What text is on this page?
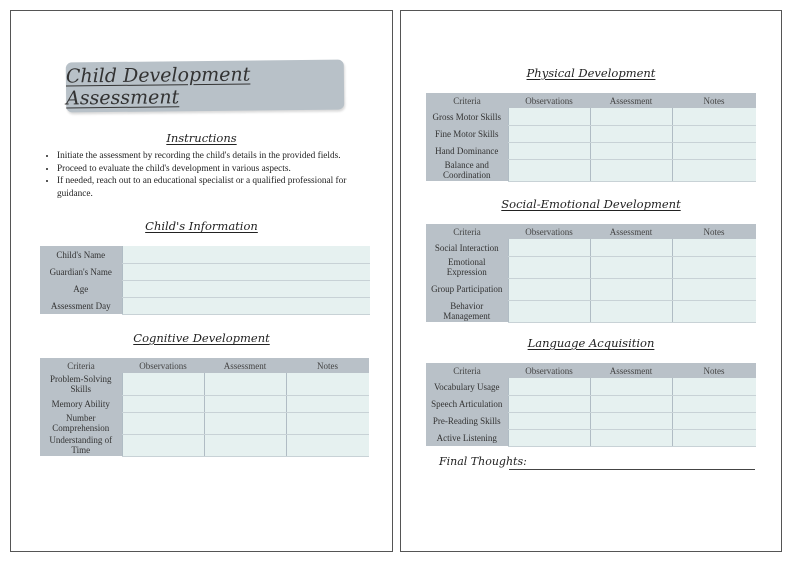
Child Development Assessment
Instructions
• Initiate the assessment by recording the child's details in the provided fields.
• Proceed to evaluate the child's development in various aspects.
• If needed, reach out to an educational specialist or a qualified professional for guidance.
Child's Information
Child's Name	
Guardian's Name	
Age	
Assessment Day	
Cognitive Development
Criteria	Observations	Assessment	Notes
Problem-Solving Skills			
Memory Ability			
Number Comprehension			
Understanding of Time			
Physical Development
Criteria	Observations	Assessment	Notes
Gross Motor Skills			
Fine Motor Skills			
Hand Dominance			
Balance and Coordination			
Social-Emotional Development
Criteria	Observations	Assessment	Notes
Social Interaction			
Emotional Expression			
Group Participation			
Behavior Management			
Language Acquisition
Criteria	Observations	Assessment	Notes
Vocabulary Usage			
Speech Articulation			
Pre-Reading Skills			
Active Listening			
Final Thoughts:
